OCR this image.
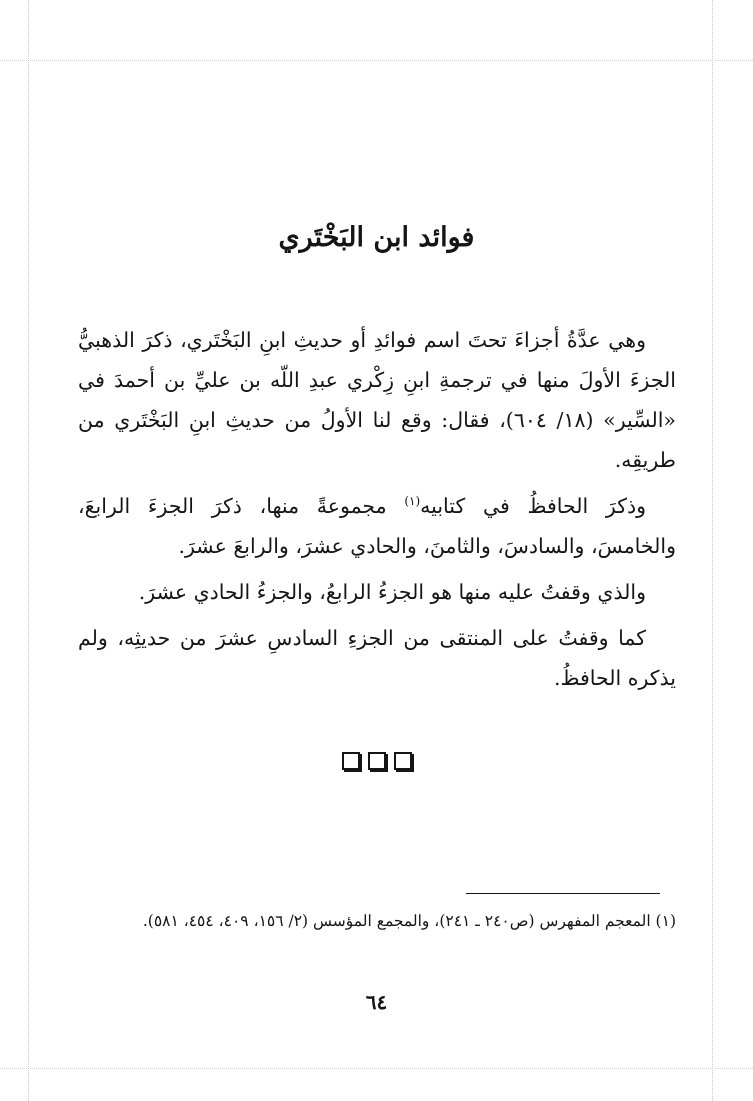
فوائد ابن البَخْتَري

وهي عدَّةُ أجزاءَ تحتَ اسم فوائدِ أو حديثِ ابنِ البَخْتَري، ذكرَ الذهبيُّ الجزءَ الأولَ منها في ترجمةِ ابنِ زِكْري عبدِ اللّه بن عليِّ بن أحمدَ في «السِّير» (١٨/ ٦٠٤)، فقال: وقع لنا الأولُ من حديثِ ابنِ البَخْتَري من طريقِه.

وذكرَ الحافظُ في كتابيه$^{(١)}$ مجموعةً منها، ذكرَ الجزءَ الرابعَ، والخامسَ، والسادسَ، والثامنَ، والحادي عشرَ، والرابعَ عشرَ.

والذي وقفتُ عليه منها هو الجزءُ الرابعُ، والجزءُ الحادي عشرَ.

كما وقفتُ على المنتقى من الجزءِ السادسِ عشرَ من حديثِه، ولم يذكره الحافظُ.

(١) المعجم المفهرس (ص٢٤٠ ـ ٢٤١)، والمجمع المؤسس (٢/ ١٥٦، ٤٠٩، ٤٥٤، ٥٨١).
٦٤
